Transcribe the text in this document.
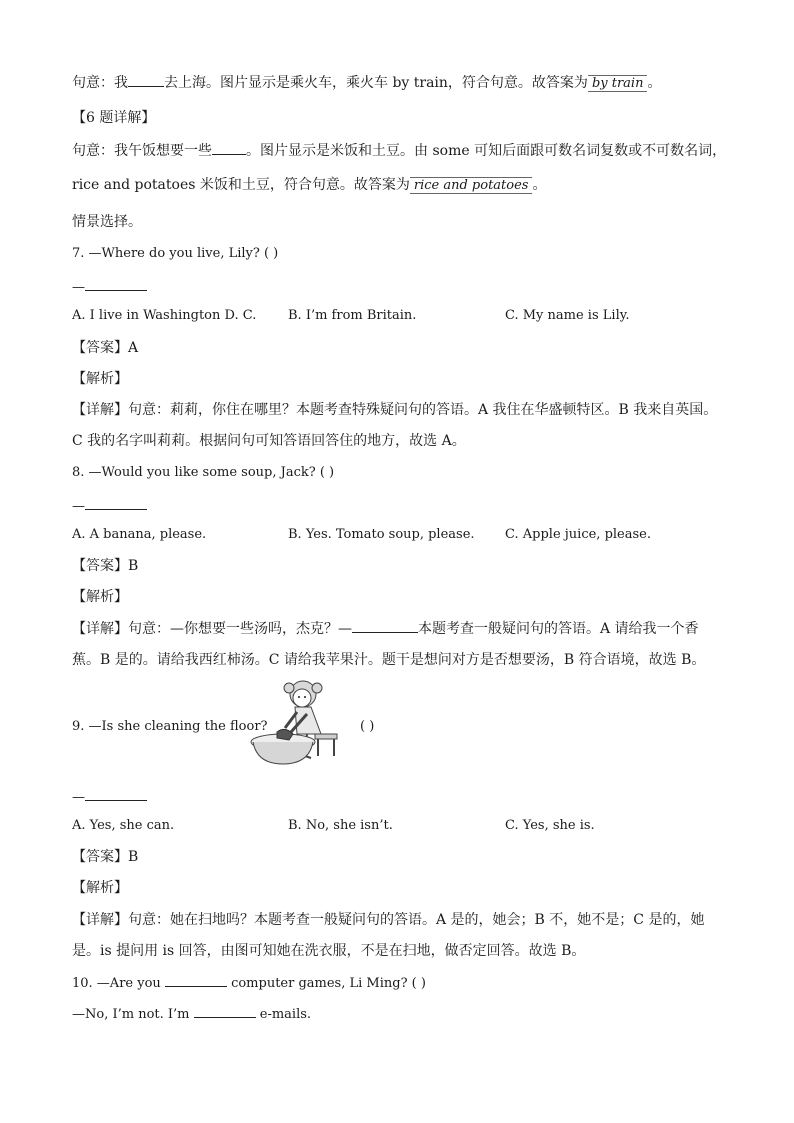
句意：我	去上海。图片显示是乘火车，乘火车 by train，符合句意。故答案为 by train 。
【6 题详解】
句意：我午饭想要一些 。图片显示是米饭和土豆。由 some 可知后面跟可数名词复数或不可数名词，
rice and potatoes 米饭和土豆，符合句意。故答案为 rice and potatoes 。
情景选择。
7. —Where do you live, Lily? ( )
—
A. I live in Washington D. C. B. I’m from Britain.	C. My name is Lily.
【答案】A
【解析】
【详解】句意：莉莉，你住在哪里？本题考查特殊疑问句的答语。A 我住在华盛顿特区。B 我来自英国。
C 我的名字叫莉莉。根据问句可知答语回答住的地方，故选 A。
8. —Would you like some soup, Jack? ( )
—
A. A banana, please.	B. Yes. Tomato soup, please. C. Apple juice, please.
【答案】B
【解析】
【详解】句意：—你想要一些汤吗，杰克？—	本题考查一般疑问句的答语。A 请给我一个香
蕉。B 是的。请给我西红柿汤。C 请给我苹果汁。题干是想问对方是否想要汤，B 符合语境，故选 B。
9. —Is she cleaning the floor?	( )
—
A. Yes, she can.	B. No, she isn’t.	C. Yes, she is.
【答案】B
【解析】
【详解】句意：她在扫地吗？本题考查一般疑问句的答语。A 是的，她会；B 不，她不是；C 是的，她
是。is 提问用 is 回答，由图可知她在洗衣服，不是在扫地，做否定回答。故选 B。
10. —Are you	computer games, Li Ming? ( )
—No, I’m not. I’m	e-mails.
